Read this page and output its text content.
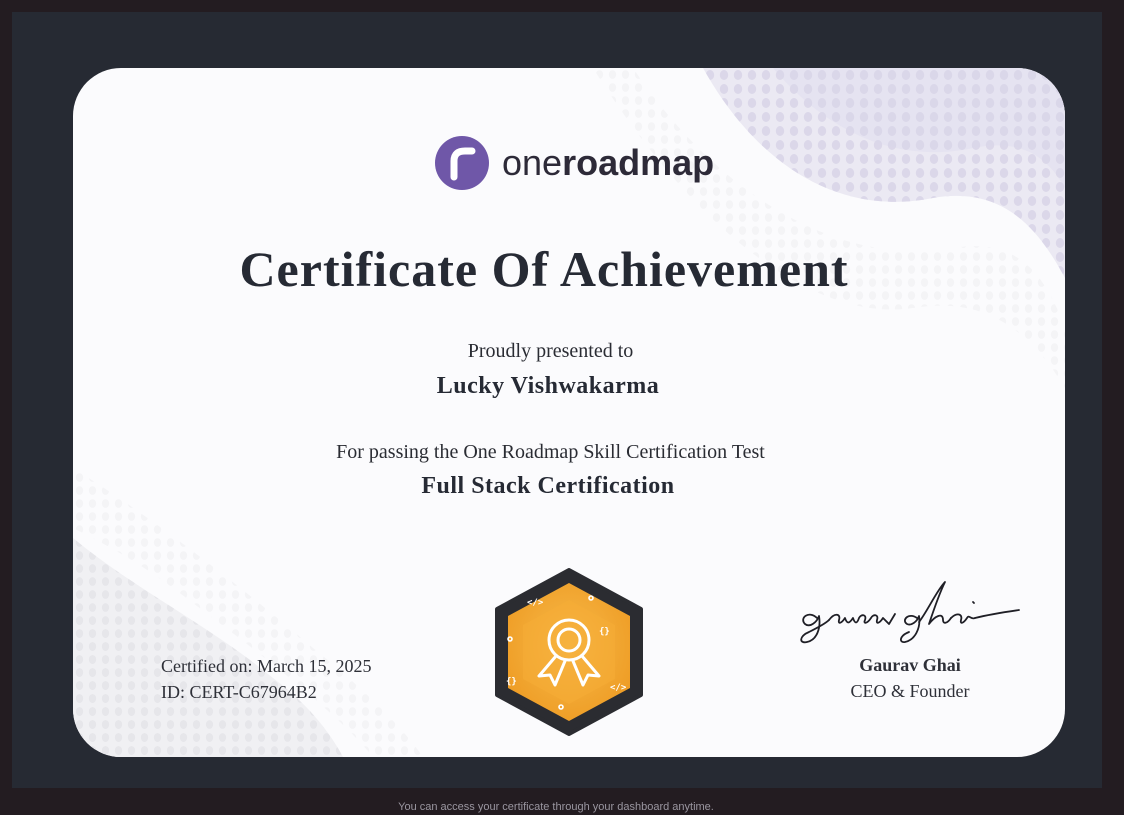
oneroadmap
Certificate Of Achievement
Proudly presented to
Lucky Vishwakarma
For passing the One Roadmap Skill Certification Test
Full Stack Certification
Certified on: March 15, 2025
ID: CERT-C67964B2
</>
{}
{}
</>
Gaurav Ghai
CEO & Founder
You can access your certificate through your dashboard anytime.
